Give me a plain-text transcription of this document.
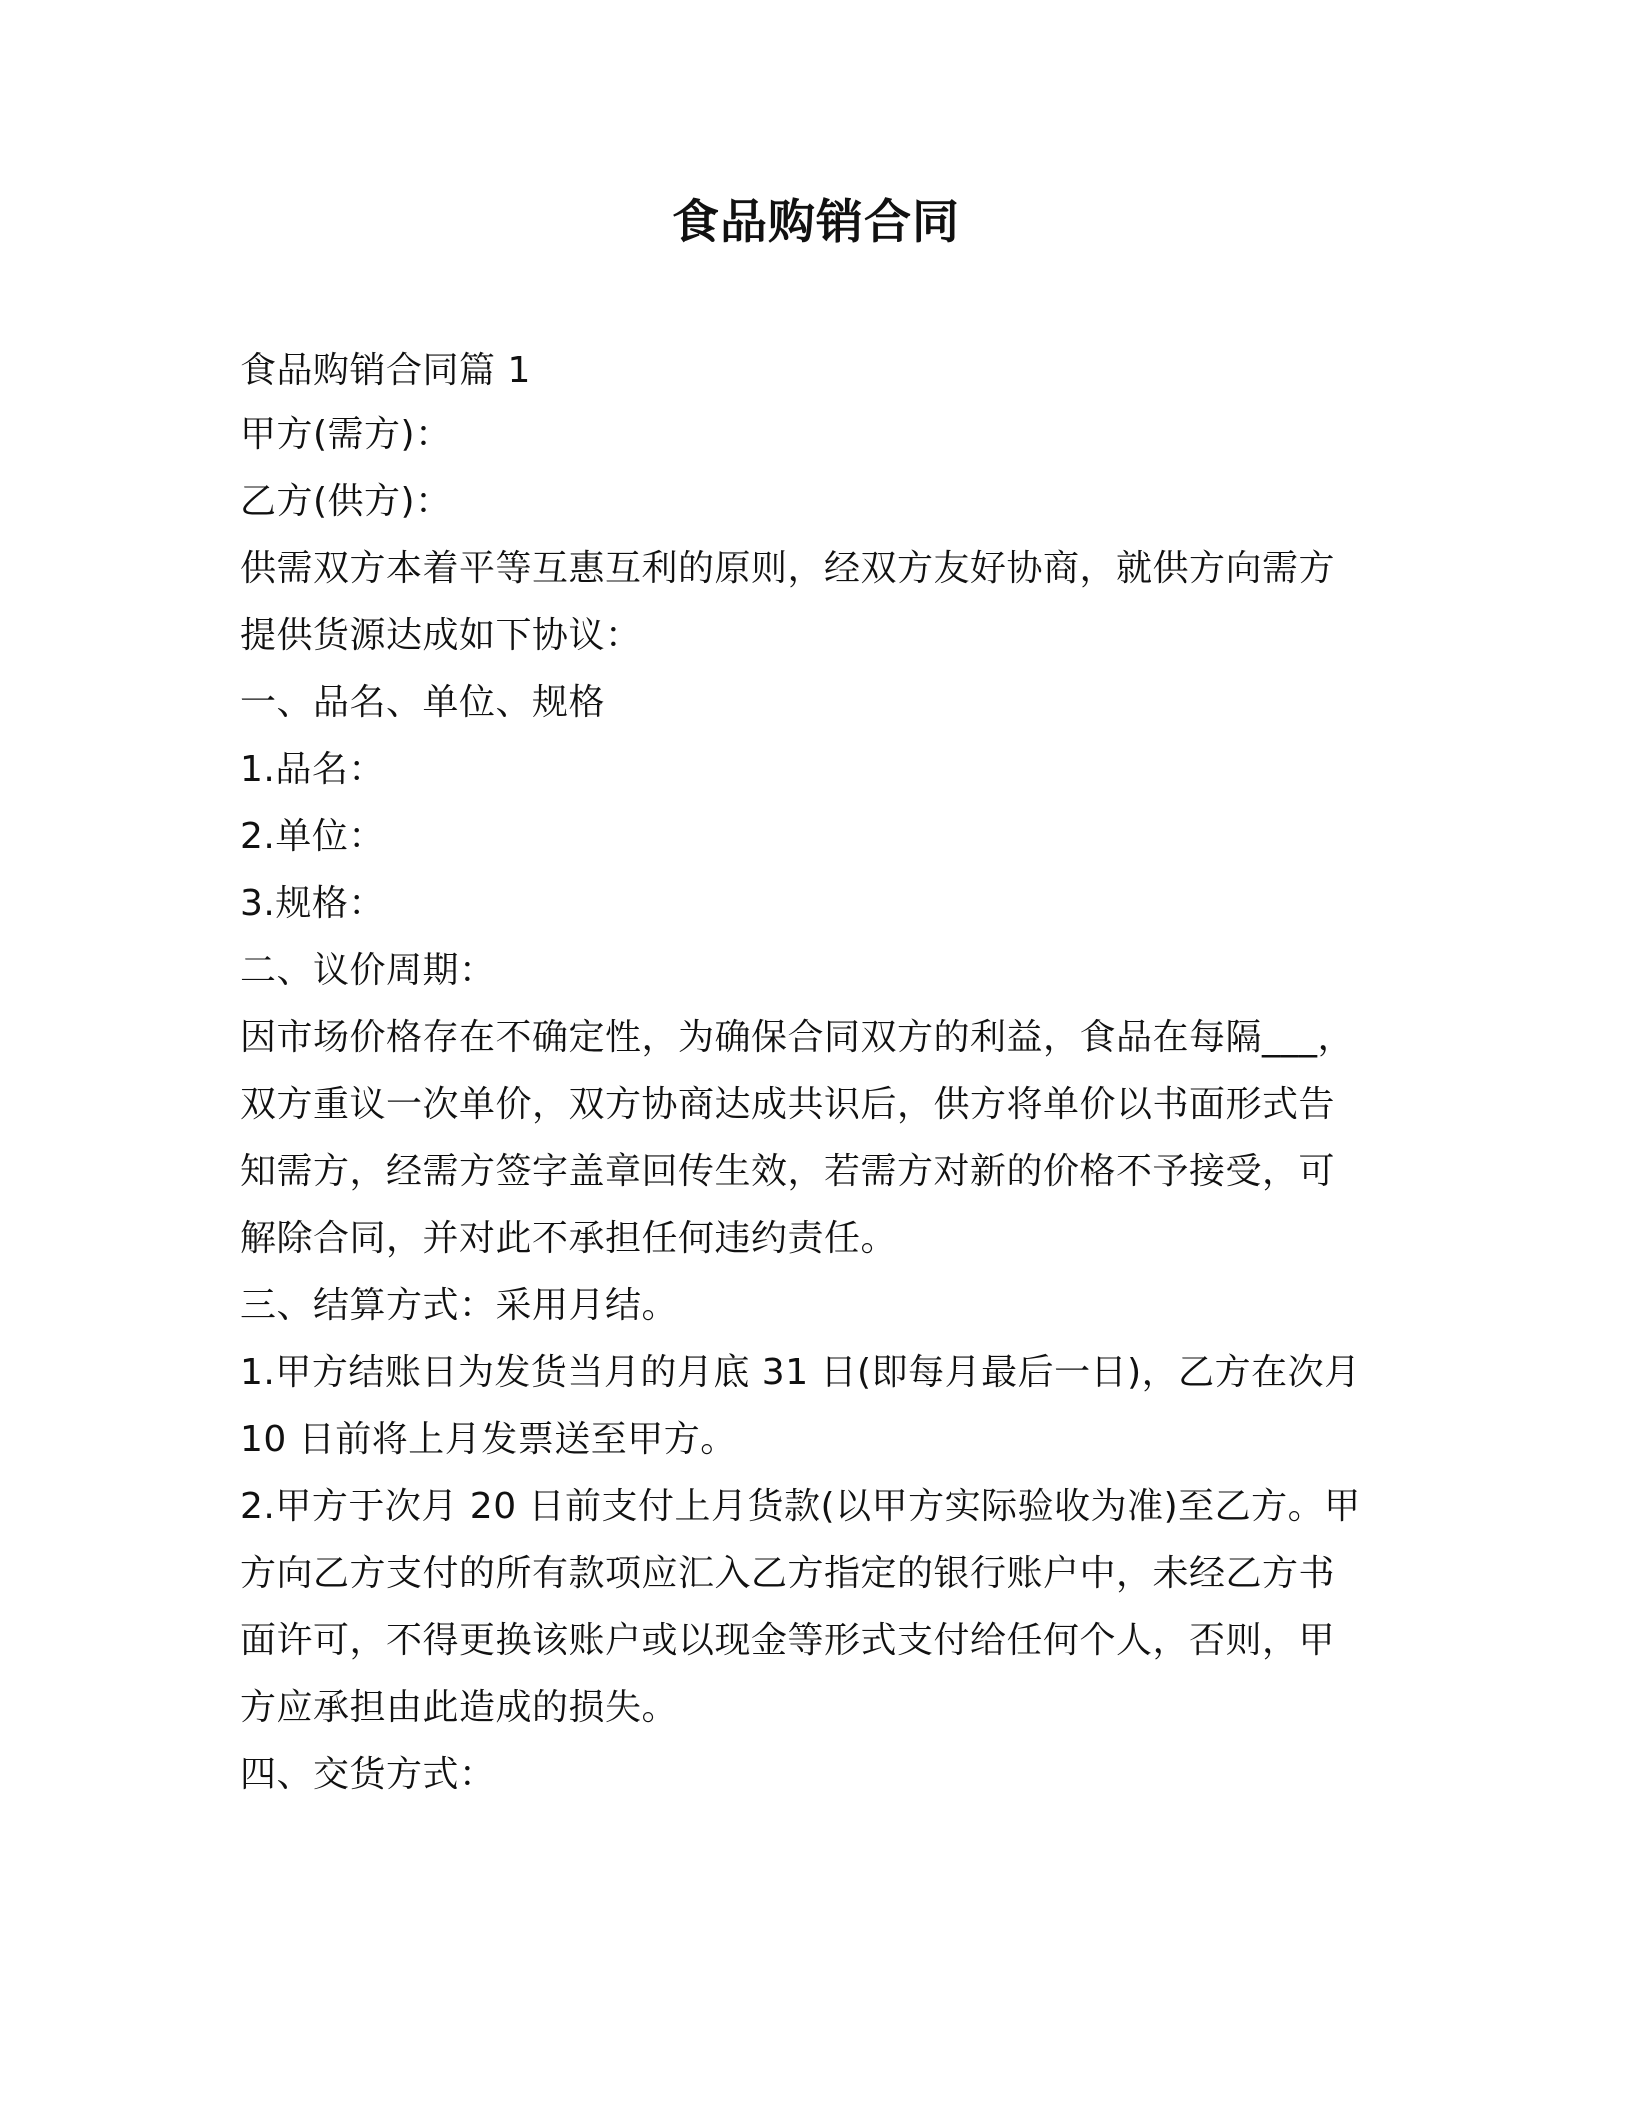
食品购销合同
食品购销合同篇 1
甲方(需方)：
乙方(供方)：
供需双方本着平等互惠互利的原则，经双方友好协商，就供方向需方
提供货源达成如下协议：
一、品名、单位、规格
1.品名：
2.单位：
3.规格：
二、议价周期：
因市场价格存在不确定性，为确保合同双方的利益，食品在每隔___，
双方重议一次单价，双方协商达成共识后，供方将单价以书面形式告
知需方，经需方签字盖章回传生效，若需方对新的价格不予接受，可
解除合同，并对此不承担任何违约责任。
三、结算方式：采用月结。
1.甲方结账日为发货当月的月底 31 日(即每月最后一日)，乙方在次月
10 日前将上月发票送至甲方。
2.甲方于次月 20 日前支付上月货款(以甲方实际验收为准)至乙方。甲
方向乙方支付的所有款项应汇入乙方指定的银行账户中，未经乙方书
面许可，不得更换该账户或以现金等形式支付给任何个人，否则，甲
方应承担由此造成的损失。
四、交货方式：
